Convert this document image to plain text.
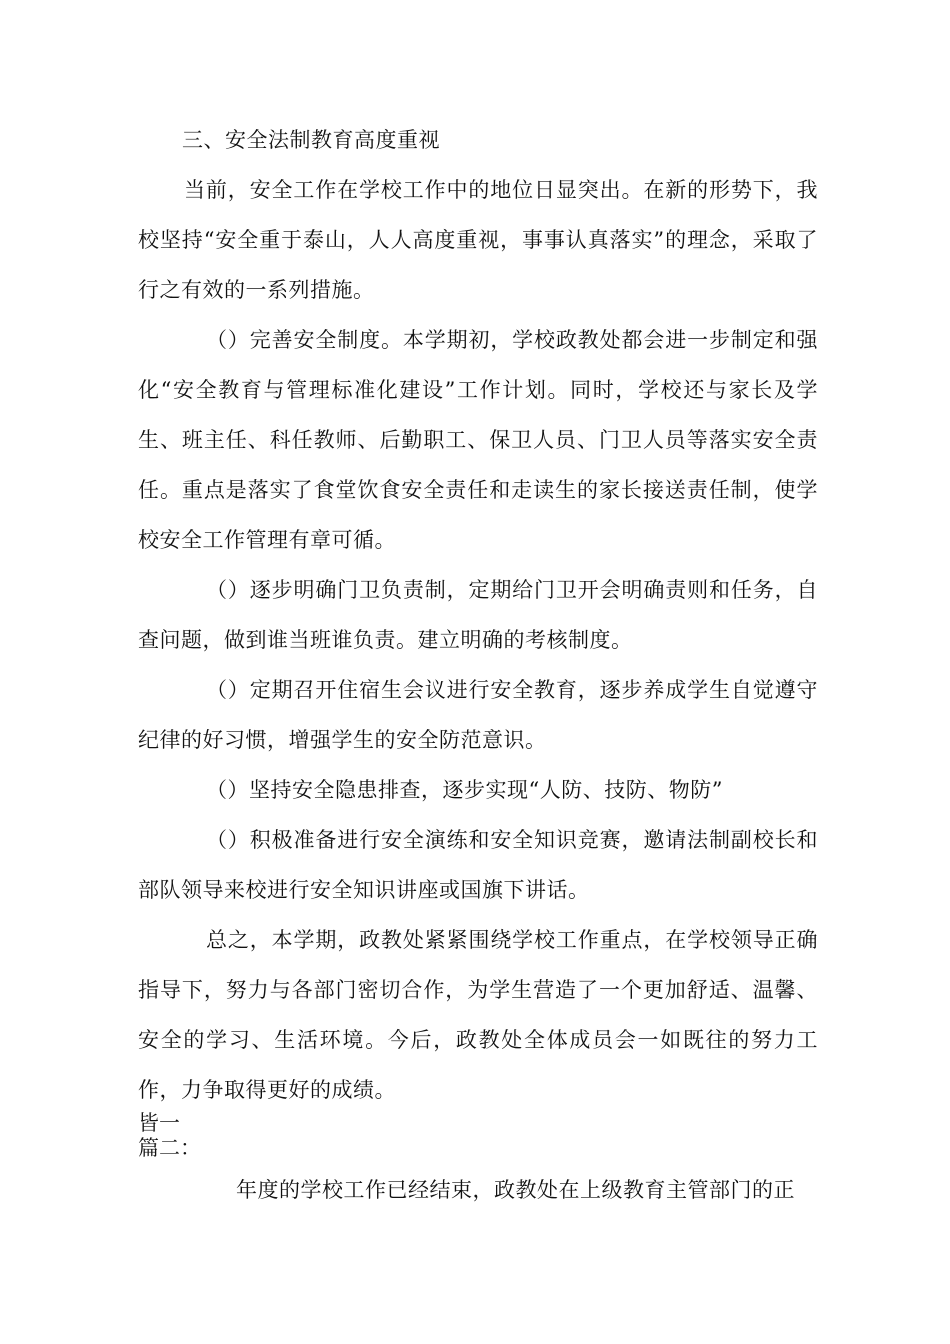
三、安全法制教育高度重视

当前，安全工作在学校工作中的地位日显突出。在新的形势下，我校坚持“安全重于泰山，人人高度重视，事事认真落实”的理念，采取了行之有效的一系列措施。

（）完善安全制度。本学期初，学校政教处都会进一步制定和强化“安全教育与管理标准化建设”工作计划。同时，学校还与家长及学生、班主任、科任教师、后勤职工、保卫人员、门卫人员等落实安全责任。重点是落实了食堂饮食安全责任和走读生的家长接送责任制，使学校安全工作管理有章可循。

（）逐步明确门卫负责制，定期给门卫开会明确责则和任务，自查问题，做到谁当班谁负责。建立明确的考核制度。

（）定期召开住宿生会议进行安全教育，逐步养成学生自觉遵守纪律的好习惯，增强学生的安全防范意识。

（）坚持安全隐患排查，逐步实现“人防、技防、物防”

（）积极准备进行安全演练和安全知识竞赛，邀请法制副校长和部队领导来校进行安全知识讲座或国旗下讲话。

总之，本学期，政教处紧紧围绕学校工作重点，在学校领导正确指导下，努力与各部门密切合作，为学生营造了一个更加舒适、温馨、安全的学习、生活环境。今后，政教处全体成员会一如既往的努力工作，力争取得更好的成绩。

皆一

篇二：

年度的学校工作已经结束，政教处在上级教育主管部门的正
